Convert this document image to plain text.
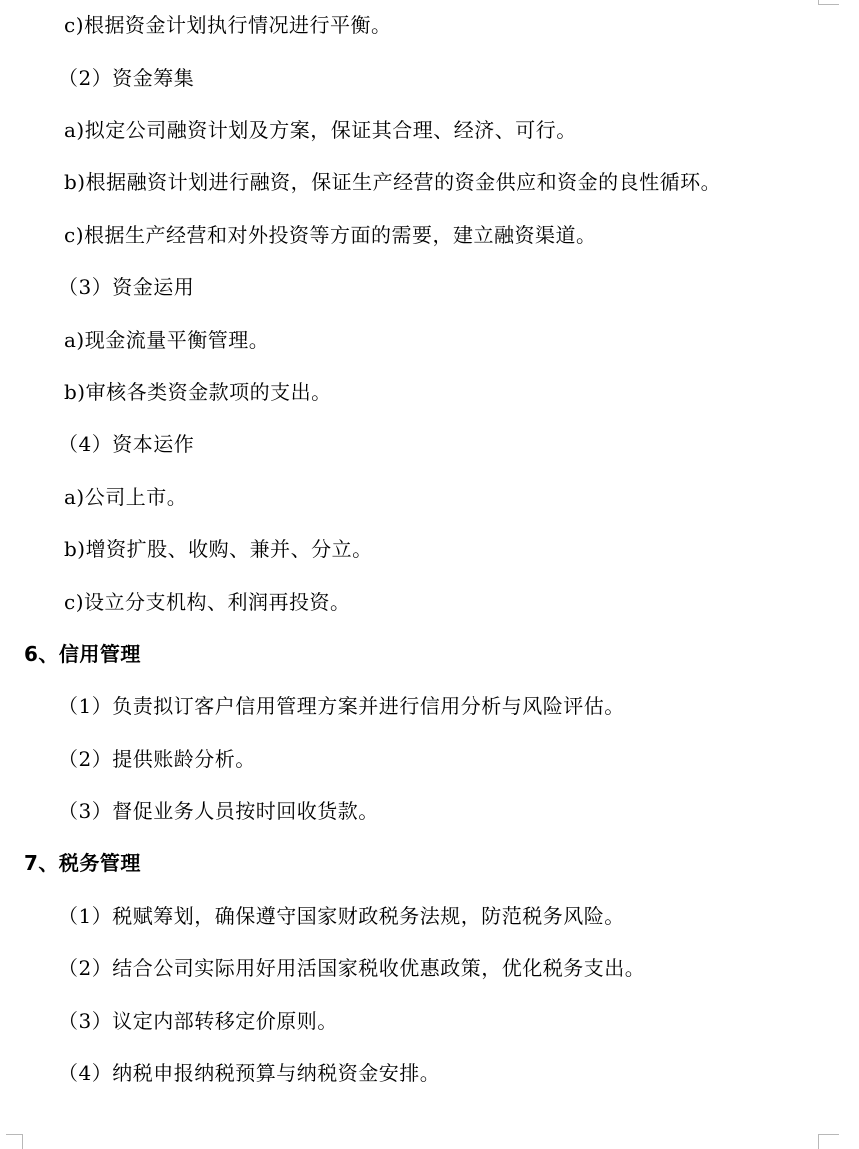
c)根据资金计划执行情况进行平衡。
（2）资金筹集
a)拟定公司融资计划及方案，保证其合理、经济、可行。
b)根据融资计划进行融资，保证生产经营的资金供应和资金的良性循环。
c)根据生产经营和对外投资等方面的需要，建立融资渠道。
（3）资金运用
a)现金流量平衡管理。
b)审核各类资金款项的支出。
（4）资本运作
a)公司上市。
b)增资扩股、收购、兼并、分立。
c)设立分支机构、利润再投资。
6、信用管理
（1）负责拟订客户信用管理方案并进行信用分析与风险评估。
（2）提供账龄分析。
（3）督促业务人员按时回收货款。
7、税务管理
（1）税赋筹划，确保遵守国家财政税务法规，防范税务风险。
（2）结合公司实际用好用活国家税收优惠政策，优化税务支出。
（3）议定内部转移定价原则。
（4）纳税申报纳税预算与纳税资金安排。
